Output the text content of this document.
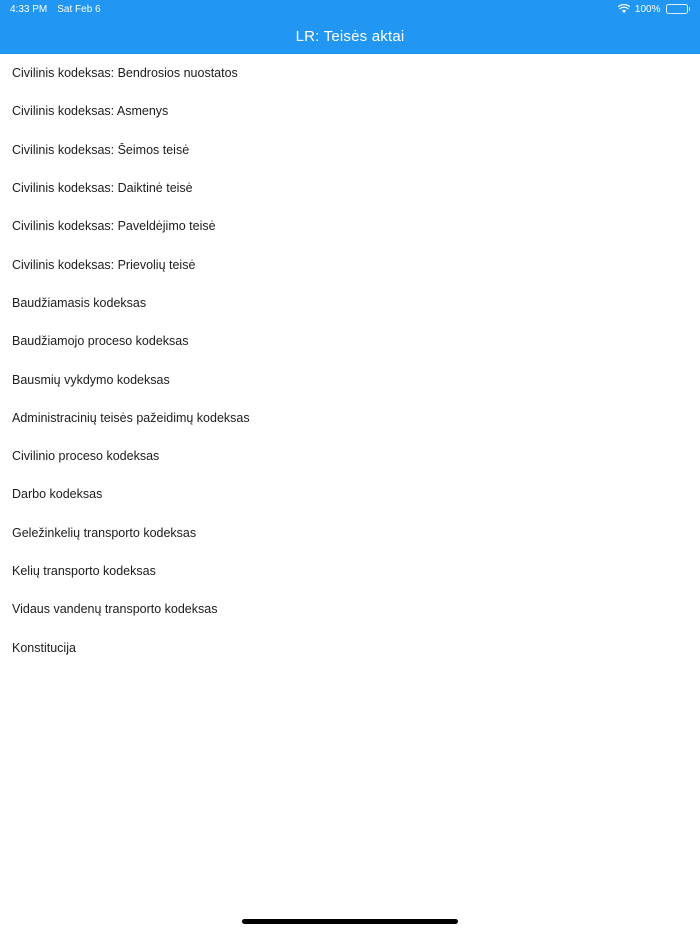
4:33 PM Sat Feb 6	100%
LR: Teisės aktai
Civilinis kodeksas: Bendrosios nuostatos
Civilinis kodeksas: Asmenys
Civilinis kodeksas: Šeimos teisė
Civilinis kodeksas: Daiktinė teisė
Civilinis kodeksas: Paveldėjimo teisė
Civilinis kodeksas: Prievolių teisė
Baudžiamasis kodeksas
Baudžiamojo proceso kodeksas
Bausmių vykdymo kodeksas
Administracinių teisės pažeidimų kodeksas
Civilinio proceso kodeksas
Darbo kodeksas
Geležinkelių transporto kodeksas
Kelių transporto kodeksas
Vidaus vandenų transporto kodeksas
Konstitucija
